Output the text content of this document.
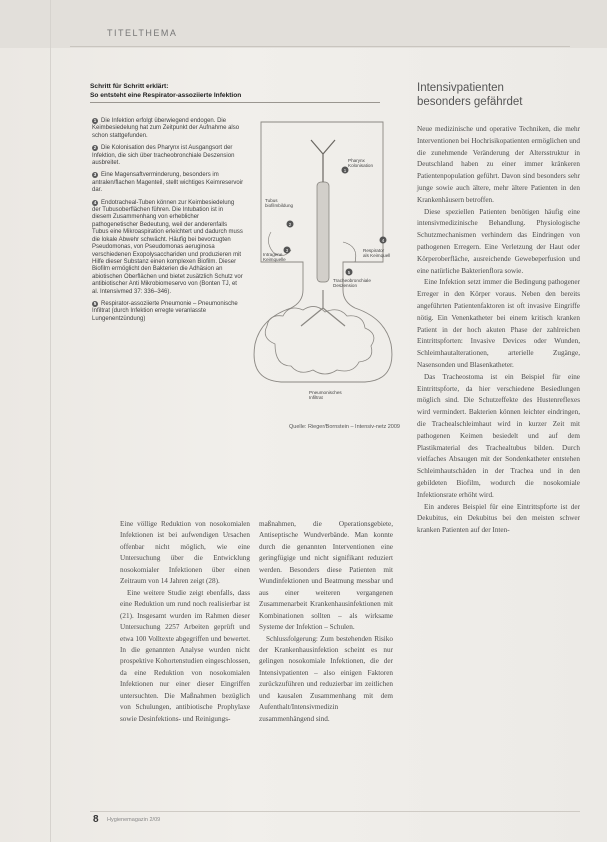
TITELTHEMA
Schritt für Schritt erklärt:
So entsteht eine Respirator-assoziierte Infektion
1 Die Infektion erfolgt überwiegend endogen. Die Keimbesiedelung hat zum Zeitpunkt der Aufnahme also schon stattgefunden.
2 Die Kolonisation des Pharynx ist Ausgangsort der Infektion, die sich über tracheobronchiale Deszension ausbreitet.
3 Eine Magensaftverminderung, besonders im antralen/flachen Magenteil, stellt wichtiges Keimreservoir dar.
4 Endotracheal-Tuben können zur Keimbesiedelung der Tubusoberflächen führen. Die Intubation ist in diesem Zusammenhang von erheblicher pathogenetischer Bedeutung, weil der anderenfalls Tubus eine Mikroaspiration erleichtert und dadurch muss die lokale Abwehr schwächt. Häufig bei bevorzugten Pseudomonas, von Pseudomonas aeruginosa verschiedenen Exopolysacchariden und produzieren mit Hilfe dieser Substanz einen komplexen Biofilm. Dieser Biofilm ermöglicht den Bakterien die Adhäsion an abiotischen Oberflächen und bietet zusätzlich Schutz vor antibiotischer Anti Mikrobiomeservo von (Bonten TJ, et al. Intensivmed 37: 336–346).
5 Respirator-assoziierte Pneumonie – Pneumonische Infiltrat (durch Infektion erregte veranlasste Lungenentzündung)
1
2
3
4
5
Pharynx
Kolonisation
Tubus
biofilmbildung
Intragene
Keimquelle
Respirator
als Keimquell
Tracheobronchiale
Deszension
Pneumonisches
Infiltrat
Quelle: Rieger/Bornstein – Intensiv-netz 2009

Eine völlige Reduktion von nosokomialen Infektionen ist bei aufwendigen Ursachen offenbar nicht möglich, wie eine Untersuchung über die Entwicklung nosokomialer Infektionen über einen Zeitraum von 14 Jahren zeigt (28).

Eine weitere Studie zeigt ebenfalls, dass eine Reduktion um rund noch realisierbar ist (21). Insgesamt wurden im Rahmen dieser Untersuchung 2257 Arbeiten geprüft und etwa 100 Volltexte abgegriffen und bewertet. In die genannten Analyse wurden nicht prospektive Kohortenstudien eingeschlossen, da eine Reduktion von nosokomialen Infektionen nur einer dieser Eingriffen untersuchten. Die Maßnahmen bezüglich von Schulungen, antibiotische Prophylaxe sowie Desinfektions- und Reinigungs-

maßnahmen, die Operationsgebiete, Antiseptische Wundverbände. Man konnte durch die genannten Interventionen eine geringfügige und nicht signifikant reduziert werden. Besonders diese Patienten mit Wundinfektionen und Beatmung messbar und aus einer weiteren vergangenen Zusammenarbeit Krankenhausinfektionen mit Kombinationen sollten – als wirksame Systeme der Infektion – Schulen.

Schlussfolgerung: Zum bestehenden Risiko der Krankenhausinfektion scheint es nur gelingen nosokomiale Infektionen, die der Intensivpatienten – also einigen Faktoren zurückzuführen und reduzierbar im zeitlichen und kausalen Zusammenhang mit dem Aufenthalt/Intensivmedizin zusammenhängend sind.

Intensivpatienten
besonders gefährdet

Neue medizinische und operative Techniken, die mehr Interventionen bei Hochrisikopatienten ermöglichen und die zunehmende Veränderung der Altersstruktur in Deutschland haben zu einer immer kränkeren Patientenpopulation geführt. Davon sind besonders sehr junge sowie auch ältere, mehr ältere Patienten in den Krankenhäusern betroffen.

Diese speziellen Patienten benötigen häufig eine intensivmedizinische Behandlung. Physiologische Schutzmechanismen verhindern das Eindringen von pathogenen Erregern. Eine Verletzung der Haut oder Körperoberfläche, ausreichende Gewebeperfusion und eine natürliche Bakterienflora sowie.

Eine Infektion setzt immer die Bedingung pathogener Erreger in den Körper voraus. Neben den bereits angeführten Patientenfaktoren ist oft invasive Eingriffe nötig. Ein Venenkatheter bei einem kritisch kranken Patient in der hoch akuten Phase der zahlreichen Eintrittspforten: Invasive Devices oder Wunden, Schleimhautalterationen, arterielle Zugänge, Nasensonden und Blasenkatheter.

Das Tracheostoma ist ein Beispiel für eine Eintrittspforte, da hier verschiedene Besiedlungen möglich sind. Die Schutzeffekte des Hustenreflexes wird vermindert. Bakterien können leichter eindringen, die Trachealschleimhaut wird in kurzer Zeit mit pathogenen Keimen besiedelt und auf dem Plastikmaterial des Trachealtubus bilden. Durch vielfaches Absaugen mit der Sondenkatheter entstehen Schleimhautschäden in der Trachea und in den gebildeten Biofilm, wodurch die nosokomiale Infektionsrate erhöht wird.

Ein anderes Beispiel für eine Eintrittspforte ist der Dekubitus, ein Dekubitus bei den meisten schwer kranken Patienten auf der Inten-

8 Hygienemagazin 2/09
